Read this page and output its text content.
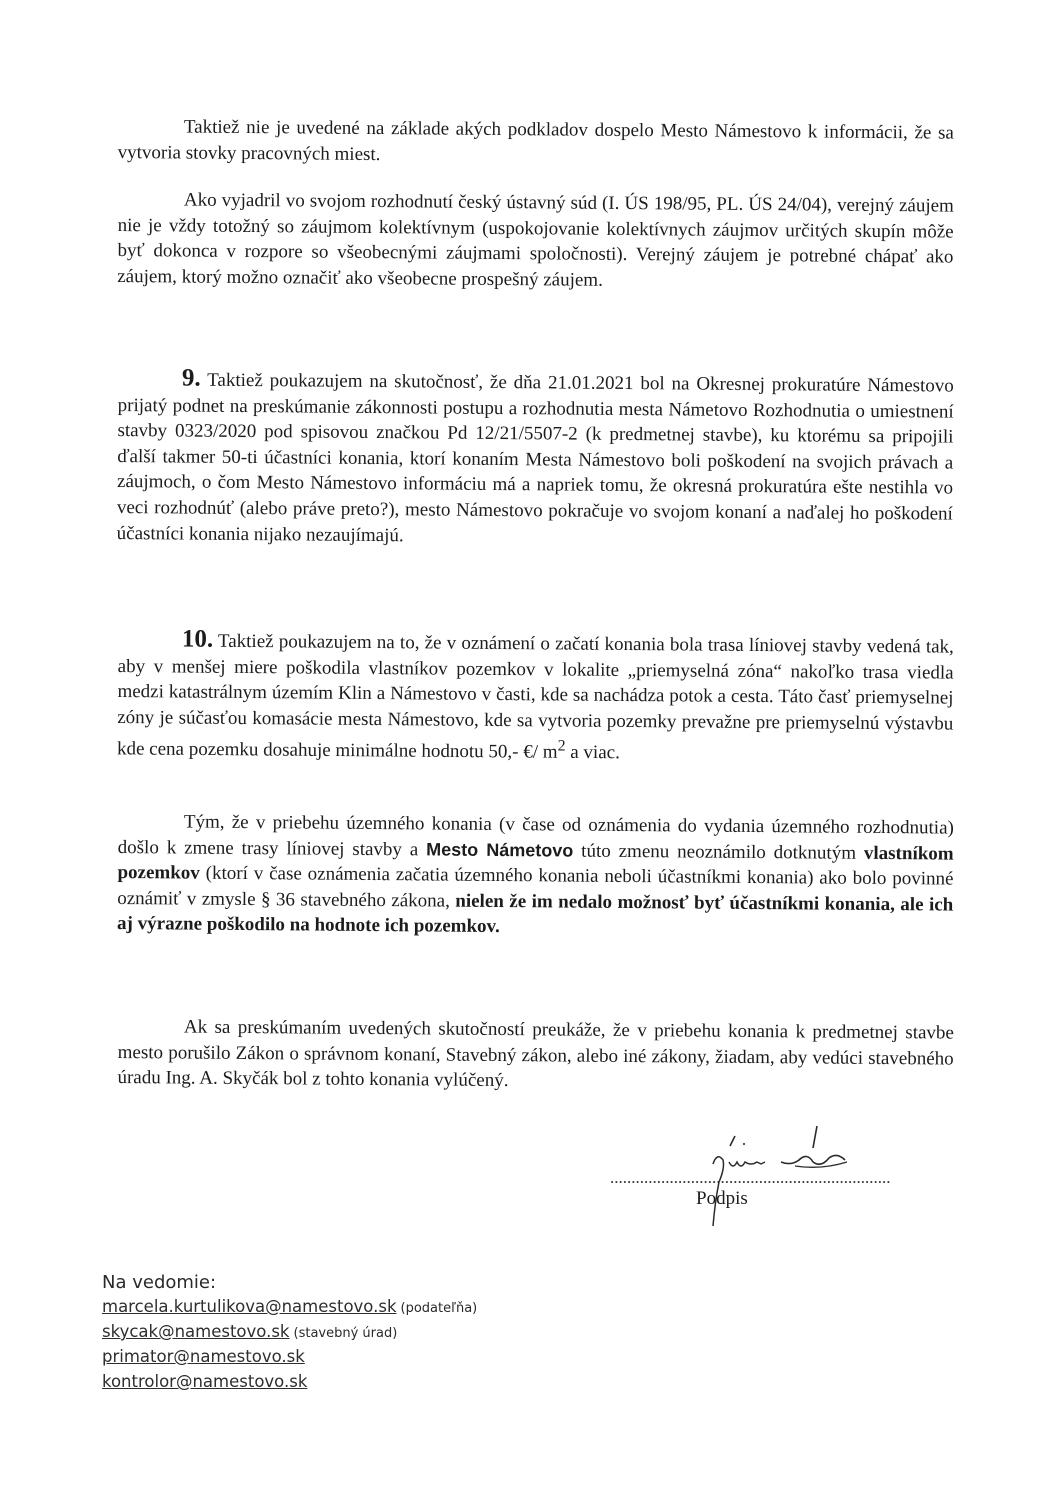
Taktiež nie je uvedené na základe akých podkladov dospelo Mesto Námestovo k informácii, že sa vytvoria stovky pracovných miest.

Ako vyjadril vo svojom rozhodnutí český ústavný súd (I. ÚS 198/95, PL. ÚS 24/04), verejný záujem nie je vždy totožný so záujmom kolektívnym (uspokojovanie kolektívnych záujmov určitých skupín môže byť dokonca v rozpore so všeobecnými záujmami spoločnosti). Verejný záujem je potrebné chápať ako záujem, ktorý možno označiť ako všeobecne prospešný záujem.

9. Taktiež poukazujem na skutočnosť, že dňa 21.01.2021 bol na Okresnej prokuratúre Námestovo prijatý podnet na preskúmanie zákonnosti postupu a rozhodnutia mesta Námetovo Rozhodnutia o umiestnení stavby 0323/2020 pod spisovou značkou Pd 12/21/5507-2 (k predmetnej stavbe), ku ktorému sa pripojili ďalší takmer 50-ti účastníci konania, ktorí konaním Mesta Námestovo boli poškodení na svojich právach a záujmoch, o čom Mesto Námestovo informáciu má a napriek tomu, že okresná prokuratúra ešte nestihla vo veci rozhodnúť (alebo práve preto?), mesto Námestovo pokračuje vo svojom konaní a naďalej ho poškodení účastníci konania nijako nezaujímajú.

10. Taktiež poukazujem na to, že v oznámení o začatí konania bola trasa líniovej stavby vedená tak, aby v menšej miere poškodila vlastníkov pozemkov v lokalite „priemyselná zóna“ nakoľko trasa viedla medzi katastrálnym územím Klin a Námestovo v časti, kde sa nachádza potok a cesta. Táto časť priemyselnej zóny je súčasťou komasácie mesta Námestovo, kde sa vytvoria pozemky prevažne pre priemyselnú výstavbu kde cena pozemku dosahuje minimálne hodnotu 50,- €/ $m^2$ a viac.

Tým, že v priebehu územného konania (v čase od oznámenia do vydania územného rozhodnutia) došlo k zmene trasy líniovej stavby a Mesto Námetovo túto zmenu neoznámilo dotknutým vlastníkom pozemkov (ktorí v čase oznámenia začatia územného konania neboli účastníkmi konania) ako bolo povinné oznámiť v zmysle § 36 stavebného zákona, nielen že im nedalo možnosť byť účastníkmi konania, ale ich aj výrazne poškodilo na hodnote ich pozemkov.

Ak sa preskúmaním uvedených skutočností preukáže, že v priebehu konania k predmetnej stavbe mesto porušilo Zákon o správnom konaní, Stavebný zákon, alebo iné zákony, žiadam, aby vedúci stavebného úradu Ing. A. Skyčák bol z tohto konania vylúčený.

..................................................................
Podpis
Na vedomie:
marcela.kurtulikova@namestovo.sk (podateľňa)
skycak@namestovo.sk (stavebný úrad)
primator@namestovo.sk
kontrolor@namestovo.sk
